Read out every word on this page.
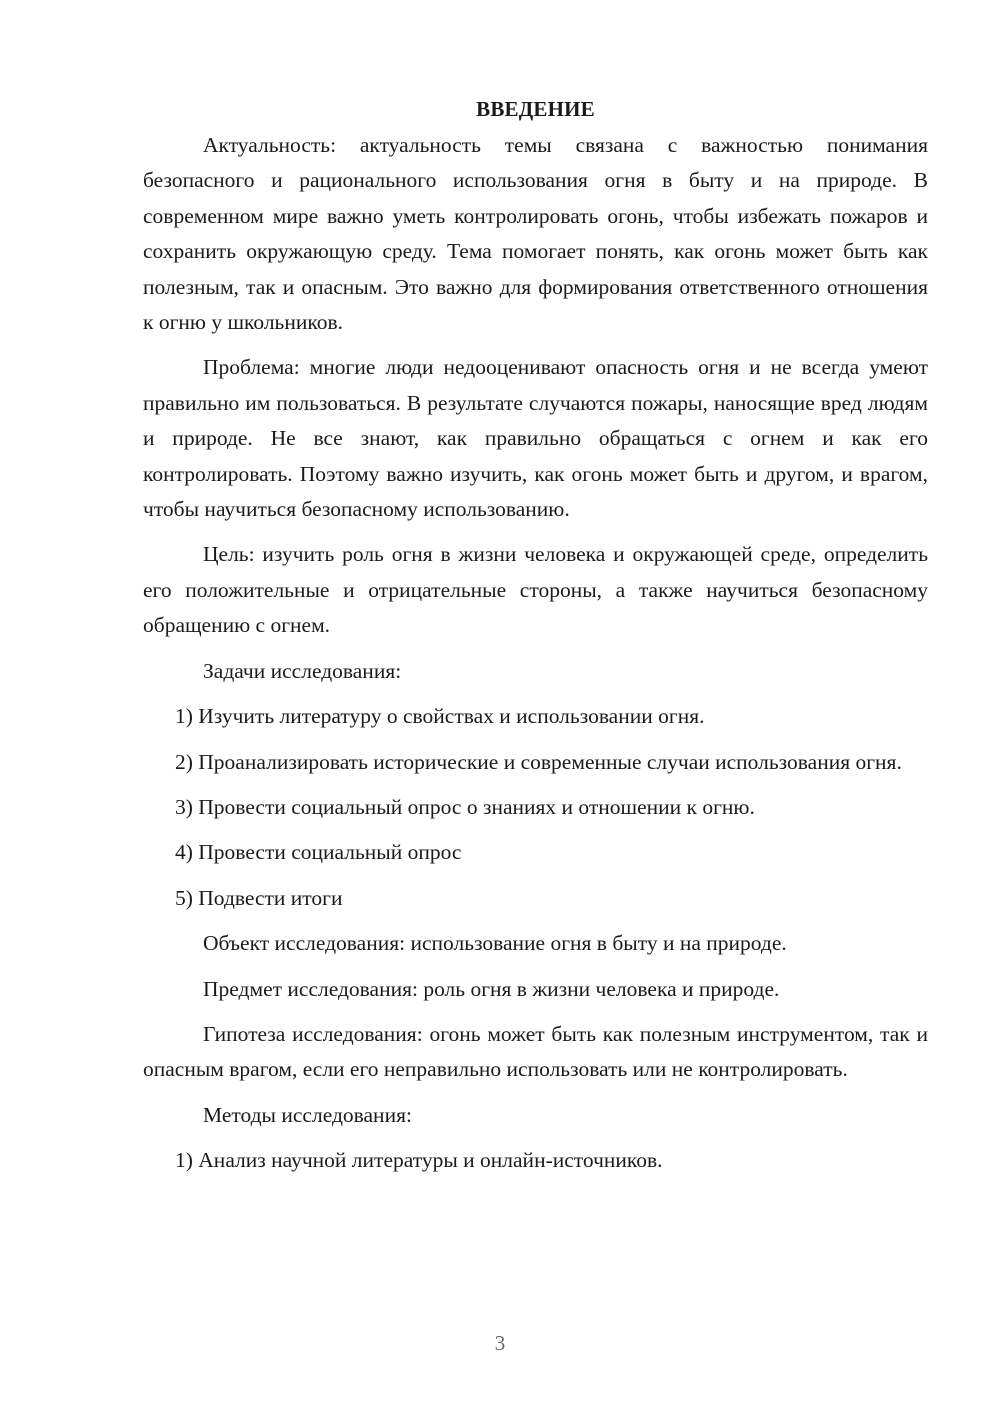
ВВЕДЕНИЕ

Актуальность: актуальность темы связана с важностью понимания безопасного и рационального использования огня в быту и на природе. В современном мире важно уметь контролировать огонь, чтобы избежать пожаров и сохранить окружающую среду. Тема помогает понять, как огонь может быть как полезным, так и опасным. Это важно для формирования ответственного отношения к огню у школьников.

Проблема: многие люди недооценивают опасность огня и не всегда умеют правильно им пользоваться. В результате случаются пожары, наносящие вред людям и природе. Не все знают, как правильно обращаться с огнем и как его контролировать. Поэтому важно изучить, как огонь может быть и другом, и врагом, чтобы научиться безопасному использованию.

Цель: изучить роль огня в жизни человека и окружающей среде, определить его положительные и отрицательные стороны, а также научиться безопасному обращению с огнем.

Задачи исследования:

1) Изучить литературу о свойствах и использовании огня.

2) Проанализировать исторические и современные случаи использования огня.

3) Провести социальный опрос о знаниях и отношении к огню.

4) Провести социальный опрос

5) Подвести итоги

Объект исследования: использование огня в быту и на природе.

Предмет исследования: роль огня в жизни человека и природе.

Гипотеза исследования: огонь может быть как полезным инструментом, так и опасным врагом, если его неправильно использовать или не контролировать.

Методы исследования:

1) Анализ научной литературы и онлайн-источников.

3
